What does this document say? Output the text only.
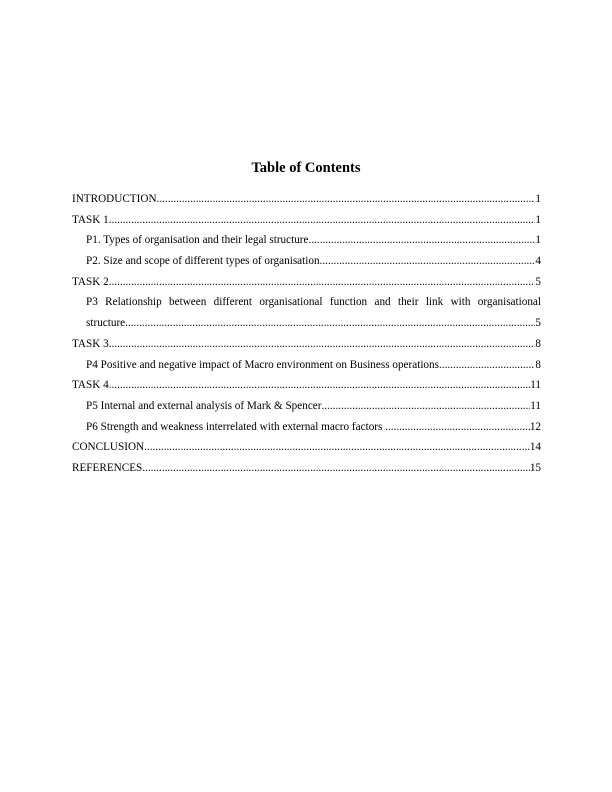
Table of Contents
INTRODUCTION .....	1
TASK 1 .....	1
P1. Types of organisation and their legal structure .....	1
P2. Size and scope of different types of organisation .....	4
TASK 2 .....	5
P3 Relationship between different organisational function and their link with organisational
structure .....	5
TASK 3 .....	8
P4 Positive and negative impact of Macro environment on Business operations .....	8
TASK 4 .....	11
P5 Internal and external analysis of Mark & Spencer .....	11
P6 Strength and weakness interrelated with external macro factors .....	12
CONCLUSION .....	14
REFERENCES .....	15
